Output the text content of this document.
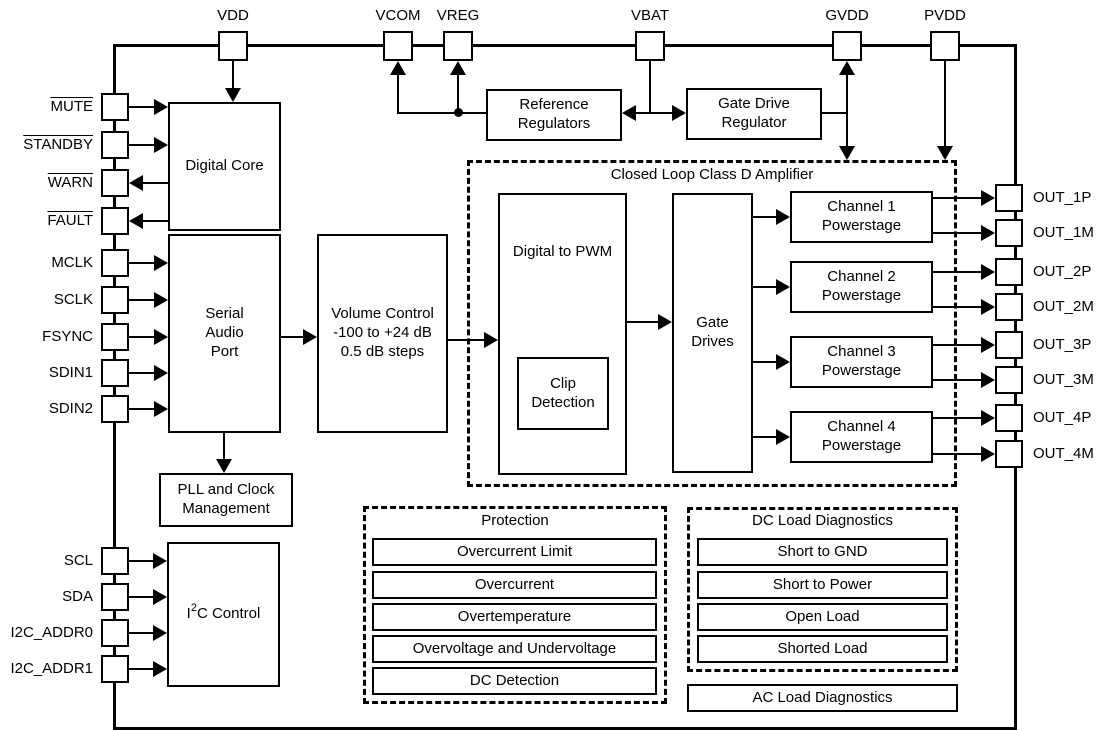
Closed Loop Class D Amplifier
Protection	DC Load Diagnostics
Digital Core
Serial
Audio
Port
Volume Control
-100 to +24 dB
0.5 dB steps
Reference
Regulators
Gate Drive
Regulator
Digital to PWM
Clip
Detection
Gate
Drives
Channel 1
Powerstage
Channel 2
Powerstage
Channel 3
Powerstage
Channel 4
Powerstage
PLL and Clock
Management
$I^2$ C Control
Overcurrent Limit
Overcurrent
Overtemperature
Overvoltage and Undervoltage
DC Detection
Short to GND
Short to Power
Open Load
Shorted Load
AC Load Diagnostics
VDD	VCOM	VREG	VBAT	GVDD	PVDD
MUTE
STANDBY
WARN
FAULT
MCLK
SCLK
FSYNC
SDIN1
SDIN2
SCL
SDA
I2C_ADDR0
I2C_ADDR1
OUT_1P
OUT_1M
OUT_2P
OUT_2M
OUT_3P
OUT_3M
OUT_4P
OUT_4M
